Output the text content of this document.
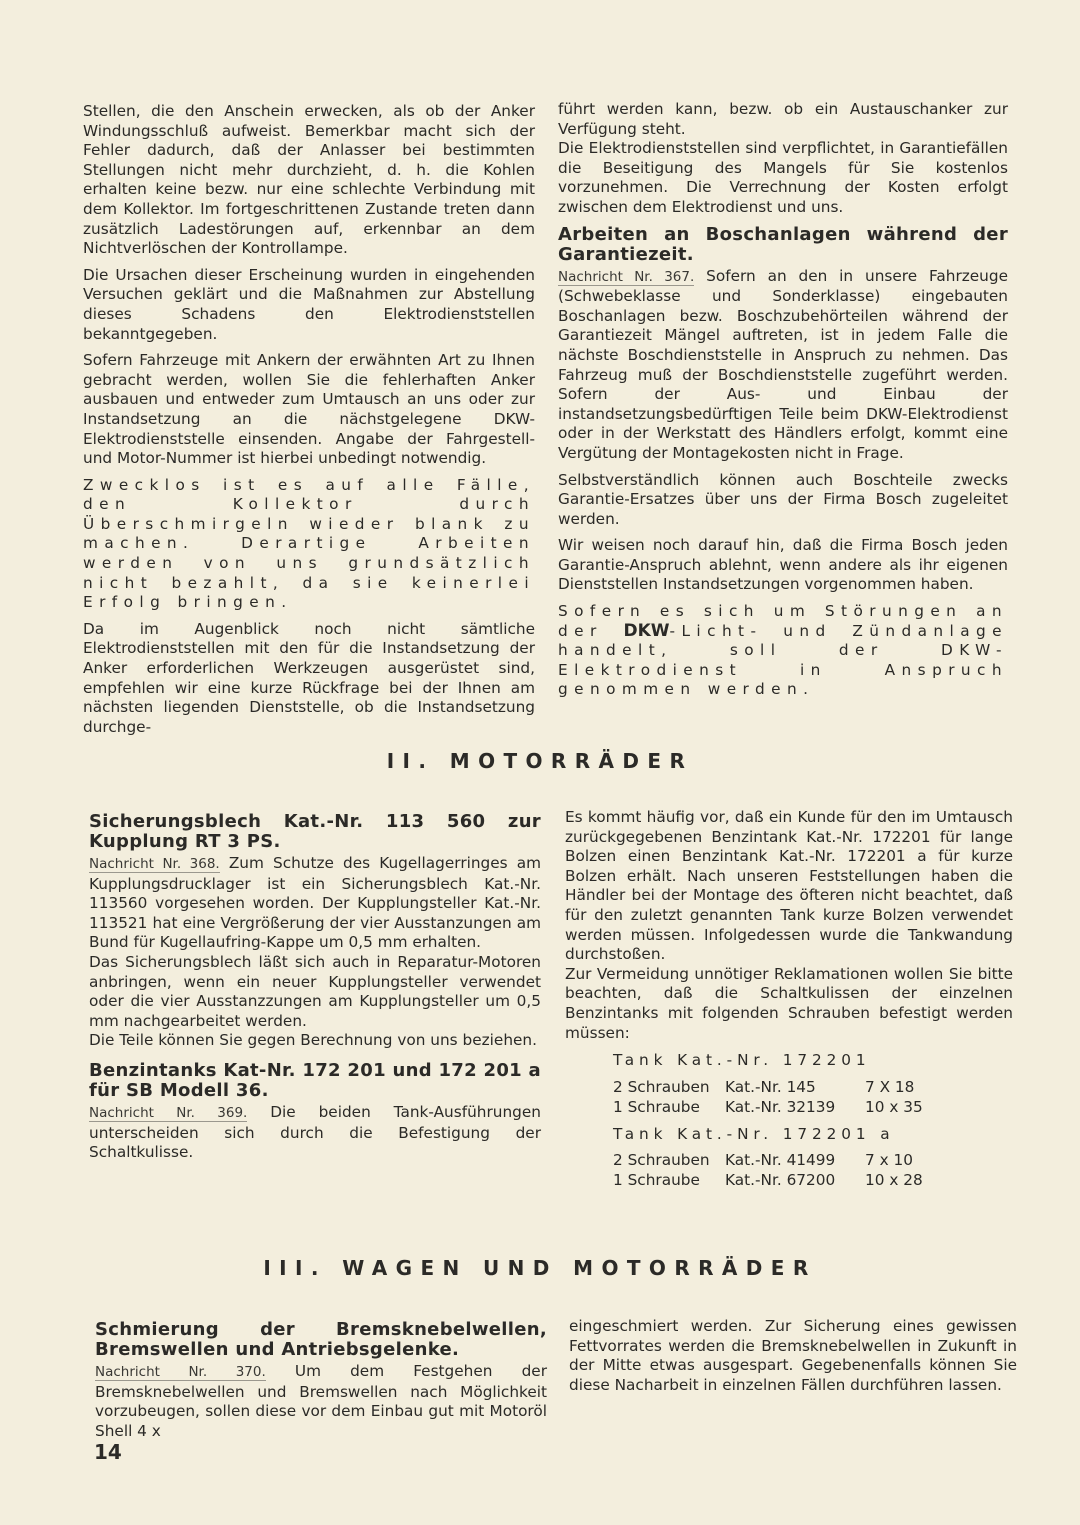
Stellen, die den Anschein erwecken, als ob der Anker Windungsschluß aufweist. Bemerkbar macht sich der Fehler dadurch, daß der Anlasser bei bestimmten Stellungen nicht mehr durchzieht, d. h. die Kohlen erhalten keine bezw. nur eine schlechte Verbindung mit dem Kollektor. Im fortgeschrittenen Zustande treten dann zusätzlich Ladestörungen auf, erkennbar an dem Nichtverlöschen der Kontrollampe.

Die Ursachen dieser Erscheinung wurden in eingehenden Versuchen geklärt und die Maßnahmen zur Abstellung dieses Schadens den Elektrodienststellen bekanntgegeben.

Sofern Fahrzeuge mit Ankern der erwähnten Art zu Ihnen gebracht werden, wollen Sie die fehlerhaften Anker ausbauen und entweder zum Umtausch an uns oder zur Instandsetzung an die nächstgelegene DKW-Elektrodienststelle einsenden. Angabe der Fahrgestell- und Motor-Nummer ist hierbei unbedingt notwendig.

Zwecklos ist es auf alle Fälle, den Kollektor durch Überschmirgeln wieder blank zu machen. Derartige Arbeiten werden von uns grundsätzlich nicht bezahlt, da sie keinerlei Erfolg bringen.

Da im Augenblick noch nicht sämtliche Elektrodienststellen mit den für die Instandsetzung der Anker erforderlichen Werkzeugen ausgerüstet sind, empfehlen wir eine kurze Rückfrage bei der Ihnen am nächsten liegenden Dienststelle, ob die Instandsetzung durchge-

führt werden kann, bezw. ob ein Austauschanker zur Verfügung steht.

Die Elektrodienststellen sind verpflichtet, in Garantiefällen die Beseitigung des Mangels für Sie kostenlos vorzunehmen. Die Verrechnung der Kosten erfolgt zwischen dem Elektrodienst und uns.

Arbeiten an Boschanlagen während der Garantiezeit.

Nachricht Nr. 367. Sofern an den in unsere Fahrzeuge (Schwebeklasse und Sonderklasse) eingebauten Boschanlagen bezw. Boschzubehörteilen während der Garantiezeit Mängel auftreten, ist in jedem Falle die nächste Boschdienststelle in Anspruch zu nehmen. Das Fahrzeug muß der Boschdienststelle zugeführt werden. Sofern der Aus- und Einbau der instandsetzungsbedürftigen Teile beim DKW-Elektrodienst oder in der Werkstatt des Händlers erfolgt, kommt eine Vergütung der Montagekosten nicht in Frage.

Selbstverständlich können auch Boschteile zwecks Garantie-Ersatzes über uns der Firma Bosch zugeleitet werden.

Wir weisen noch darauf hin, daß die Firma Bosch jeden Garantie-Anspruch ablehnt, wenn andere als ihr eigenen Dienststellen Instandsetzungen vorgenommen haben.

Sofern es sich um Störungen an der DKW-Licht- und Zündanlage handelt, soll der DKW-Elektrodienst in Anspruch genommen werden.

II. MOTORRÄDER
Sicherungsblech Kat.-Nr. 113 560 zur Kupplung RT 3 PS.

Nachricht Nr. 368. Zum Schutze des Kugellagerringes am Kupplungsdrucklager ist ein Sicherungsblech Kat.-Nr. 113560 vorgesehen worden. Der Kupplungsteller Kat.-Nr. 113521 hat eine Vergrößerung der vier Ausstanzungen am Bund für Kugellaufring-Kappe um 0,5 mm erhalten.

Das Sicherungsblech läßt sich auch in Reparatur-Motoren anbringen, wenn ein neuer Kupplungsteller verwendet oder die vier Ausstanzzungen am Kupplungsteller um 0,5 mm nachgearbeitet werden.

Die Teile können Sie gegen Berechnung von uns beziehen.

Benzintanks Kat-Nr. 172 201 und 172 201 a für SB Modell 36.

Nachricht Nr. 369. Die beiden Tank-Ausführungen unterscheiden sich durch die Befestigung der Schaltkulisse.

Es kommt häufig vor, daß ein Kunde für den im Umtausch zurückgegebenen Benzintank Kat.-Nr. 172201 für lange Bolzen einen Benzintank Kat.-Nr. 172201 a für kurze Bolzen erhält. Nach unseren Feststellungen haben die Händler bei der Montage des öfteren nicht beachtet, daß für den zuletzt genannten Tank kurze Bolzen verwendet werden müssen. Infolgedessen wurde die Tankwandung durchstoßen.

Zur Vermeidung unnötiger Reklamationen wollen Sie bitte beachten, daß die Schaltkulissen der einzelnen Benzintanks mit folgenden Schrauben befestigt werden müssen:

Tank Kat.-Nr. 172201
2 Schrauben	Kat.-Nr. 145	7 X 18
1 Schraube	Kat.-Nr. 32139	10 x 35
Tank Kat.-Nr. 172201 a
2 Schrauben	Kat.-Nr. 41499	7 x 10
1 Schraube	Kat.-Nr. 67200	10 x 28
III. WAGEN UND MOTORRÄDER
Schmierung der Bremsknebelwellen, Bremswellen und Antriebsgelenke.

Nachricht Nr. 370. Um dem Festgehen der Bremsknebelwellen und Bremswellen nach Möglichkeit vorzubeugen, sollen diese vor dem Einbau gut mit Motoröl Shell 4 x

eingeschmiert werden. Zur Sicherung eines gewissen Fettvorrates werden die Bremsknebelwellen in Zukunft in der Mitte etwas ausgespart. Gegebenenfalls können Sie diese Nacharbeit in einzelnen Fällen durchführen lassen.

14
